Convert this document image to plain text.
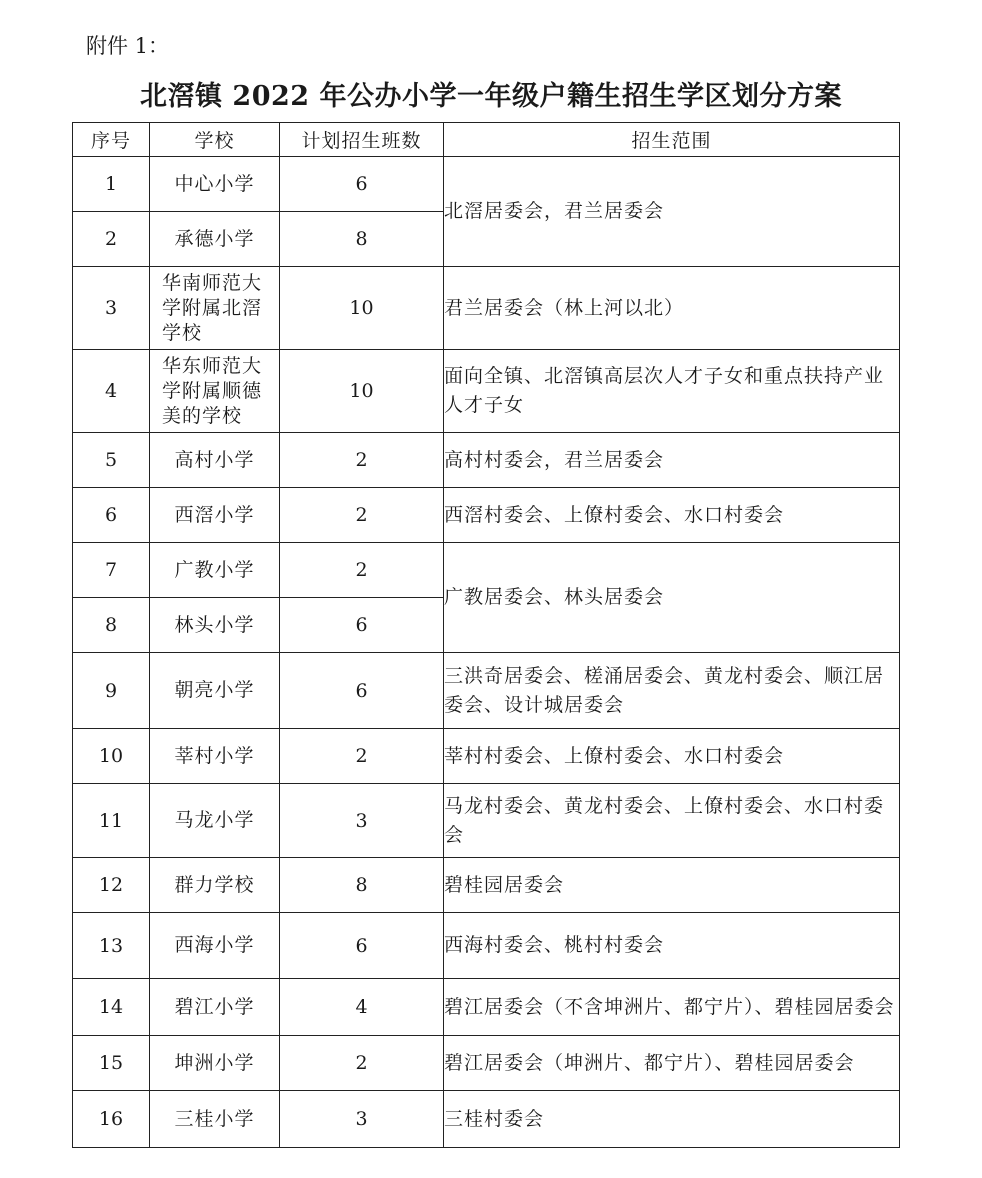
附件 1：
北滘镇 2022 年公办小学一年级户籍生招生学区划分方案
序号	学校	计划招生班数	招生范围
1	中心小学	6	北滘居委会，君兰居委会
2	承德小学	8	
3	华南师范大学附属北滘学校	10	君兰居委会（林上河以北）
4	华东师范大学附属顺德美的学校	10	面向全镇、北滘镇高层次人才子女和重点扶持产业人才子女
5	高村小学	2	高村村委会，君兰居委会
6	西滘小学	2	西滘村委会、上僚村委会、水口村委会
7	广教小学	2	广教居委会、林头居委会
8	林头小学	6	
9	朝亮小学	6	三洪奇居委会、槎涌居委会、黄龙村委会、顺江居委会、设计城居委会
10	莘村小学	2	莘村村委会、上僚村委会、水口村委会
11	马龙小学	3	马龙村委会、黄龙村委会、上僚村委会、水口村委会
12	群力学校	8	碧桂园居委会
13	西海小学	6	西海村委会、桃村村委会
14	碧江小学	4	碧江居委会（不含坤洲片、都宁片）、碧桂园居委会
15	坤洲小学	2	碧江居委会（坤洲片、都宁片）、碧桂园居委会
16	三桂小学	3	三桂村委会
